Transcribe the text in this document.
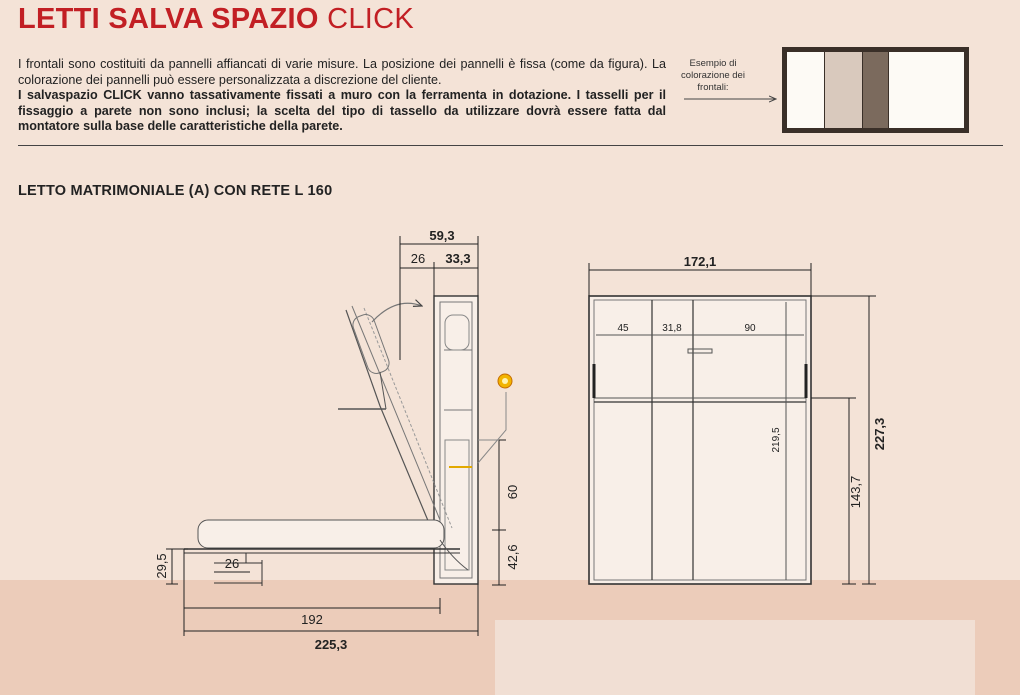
LETTI SALVA SPAZIO CLICK

I frontali sono costituiti da pannelli affiancati di varie misure. La posizione dei pannelli è fissa (come da figura). La colorazione dei pannelli può essere personalizzata a discrezione del cliente.

I salvaspazio CLICK vanno tassativamente fissati a muro con la ferramenta in dotazione. I tasselli per il fissaggio a parete non sono inclusi; la scelta del tipo di tassello da utilizzare dovrà essere fatta dal montatore sulla base delle caratteristiche della parete.

Esempio di colorazione dei frontali:
LETTO MATRIMONIALE (A) CON RETE L 160
59,3
26 33,3
60
42,6
29,5	26
192
225,3
172,1
45	31,8	90
219,5
143,7
227,3
